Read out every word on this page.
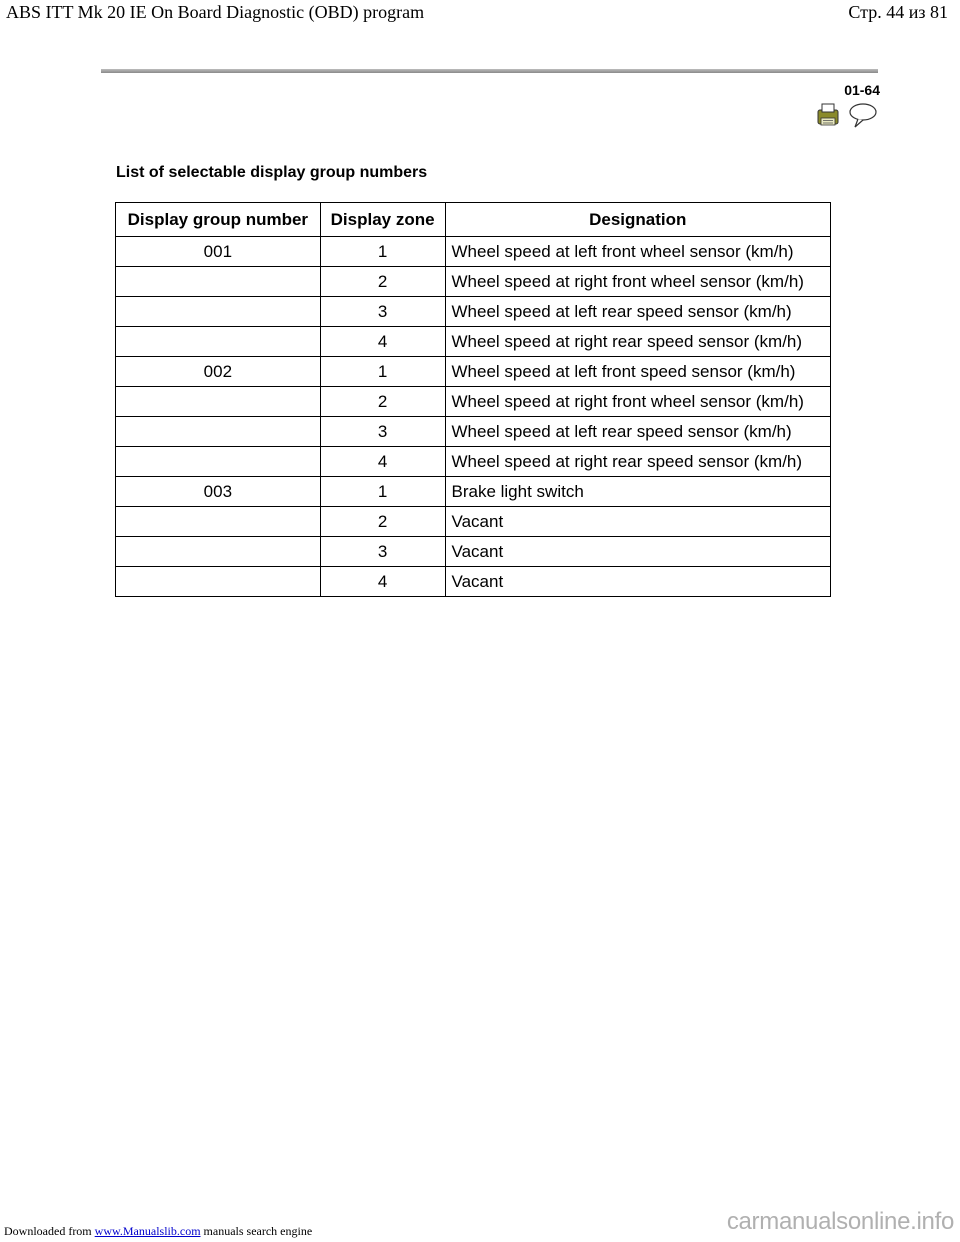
ABS ITT Mk 20 IE On Board Diagnostic (OBD) program	Стр. 44 из 81
01-64
List of selectable display group numbers
Display group number	Display zone	Designation
001	1	Wheel speed at left front wheel sensor (km/h)
	2	Wheel speed at right front wheel sensor (km/h)
	3	Wheel speed at left rear speed sensor (km/h)
	4	Wheel speed at right rear speed sensor (km/h)
002	1	Wheel speed at left front speed sensor (km/h)
	2	Wheel speed at right front wheel sensor (km/h)
	3	Wheel speed at left rear speed sensor (km/h)
	4	Wheel speed at right rear speed sensor (km/h)
003	1	Brake light switch
	2	Vacant
	3	Vacant
	4	Vacant
Downloaded from www.Manualslib.com manuals search engine	carmanualsonline.info
